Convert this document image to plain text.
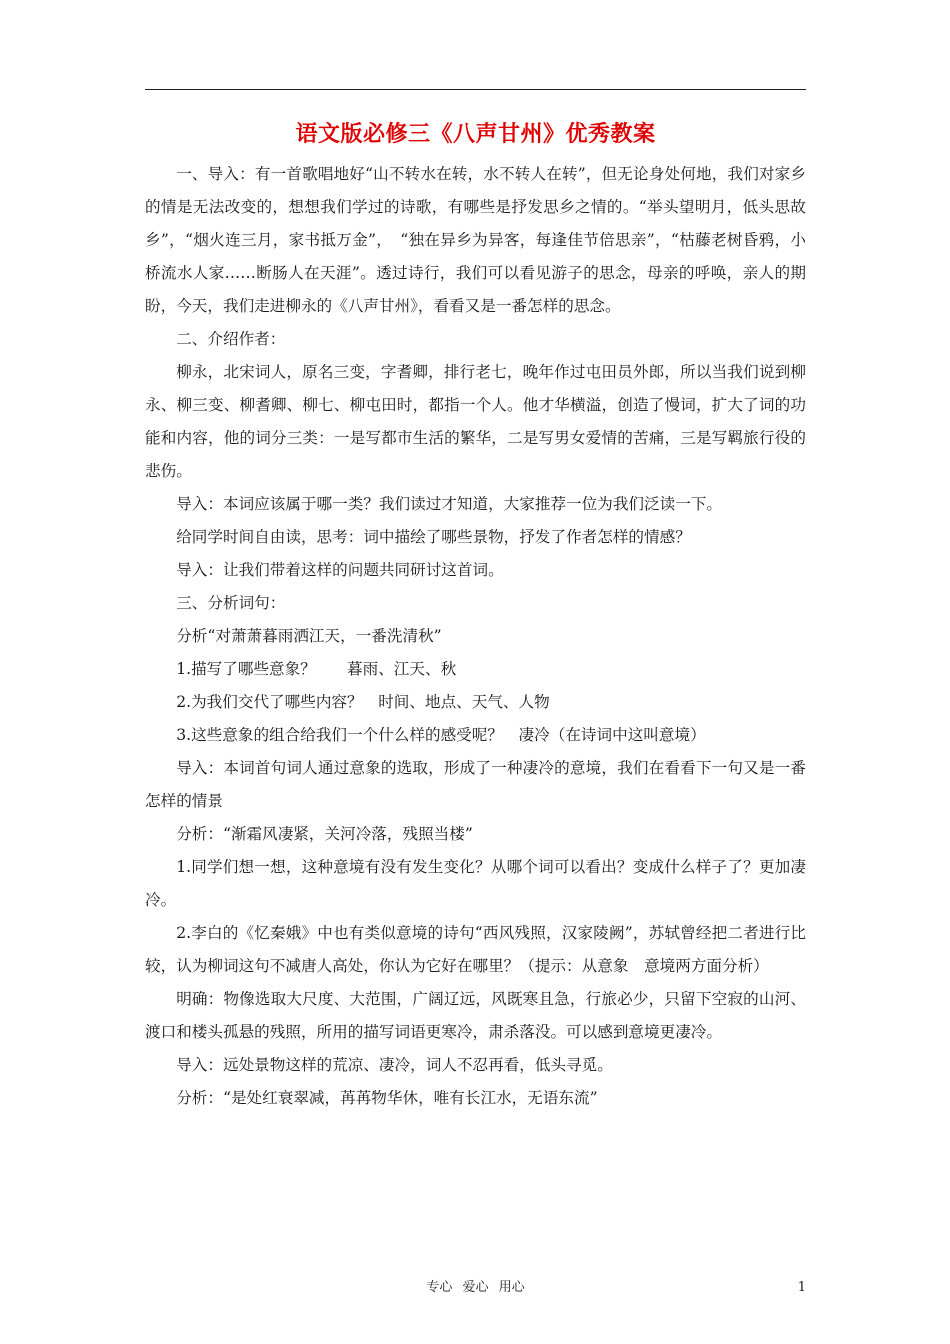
语文版必修三《八声甘州》优秀教案

一、导入：有一首歌唱地好“山不转水在转，水不转人在转”，但无论身处何地，我们对家乡的情是无法改变的，想想我们学过的诗歌，有哪些是抒发思乡之情的。“举头望明月，低头思故乡”，“烟火连三月，家书抵万金”，　“独在异乡为异客，每逢佳节倍思亲”，“枯藤老树昏鸦，小桥流水人家……断肠人在天涯”。透过诗行，我们可以看见游子的思念，母亲的呼唤，亲人的期盼，今天，我们走进柳永的《八声甘州》，看看又是一番怎样的思念。

二、介绍作者：

柳永，北宋词人，原名三变，字耆卿，排行老七，晚年作过屯田员外郎，所以当我们说到柳永、柳三变、柳耆卿、柳七、柳屯田时，都指一个人。他才华横溢，创造了慢词，扩大了词的功能和内容，他的词分三类：一是写都市生活的繁华，二是写男女爱情的苦痛，三是写羁旅行役的悲伤。

导入：本词应该属于哪一类？我们读过才知道，大家推荐一位为我们泛读一下。

给同学时间自由读，思考：词中描绘了哪些景物，抒发了作者怎样的情感？

导入：让我们带着这样的问题共同研讨这首词。

三、分析词句：

分析“对萧萧暮雨洒江天，一番洗清秋”

1.描写了哪些意象？　　暮雨、江天、秋

2.为我们交代了哪些内容？　时间、地点、天气、人物

3.这些意象的组合给我们一个什么样的感受呢？　凄冷（在诗词中这叫意境）

导入：本词首句词人通过意象的选取，形成了一种凄冷的意境，我们在看看下一句又是一番怎样的情景

分析：“渐霜风凄紧，关河冷落，残照当楼”

1.同学们想一想，这种意境有没有发生变化？从哪个词可以看出？变成什么样子了？更加凄冷。

2.李白的《忆秦娥》中也有类似意境的诗句“西风残照，汉家陵阙”，苏轼曾经把二者进行比较，认为柳词这句不减唐人高处，你认为它好在哪里？（提示：从意象　意境两方面分析）

明确：物像选取大尺度、大范围，广阔辽远，风既寒且急，行旅必少，只留下空寂的山河、渡口和楼头孤悬的残照，所用的描写词语更寒冷，肃杀落没。可以感到意境更凄冷。

导入：远处景物这样的荒凉、凄冷，词人不忍再看，低头寻觅。

分析：“是处红衰翠减，苒苒物华休，唯有长江水，无语东流”

专心 爱心 用心	1
